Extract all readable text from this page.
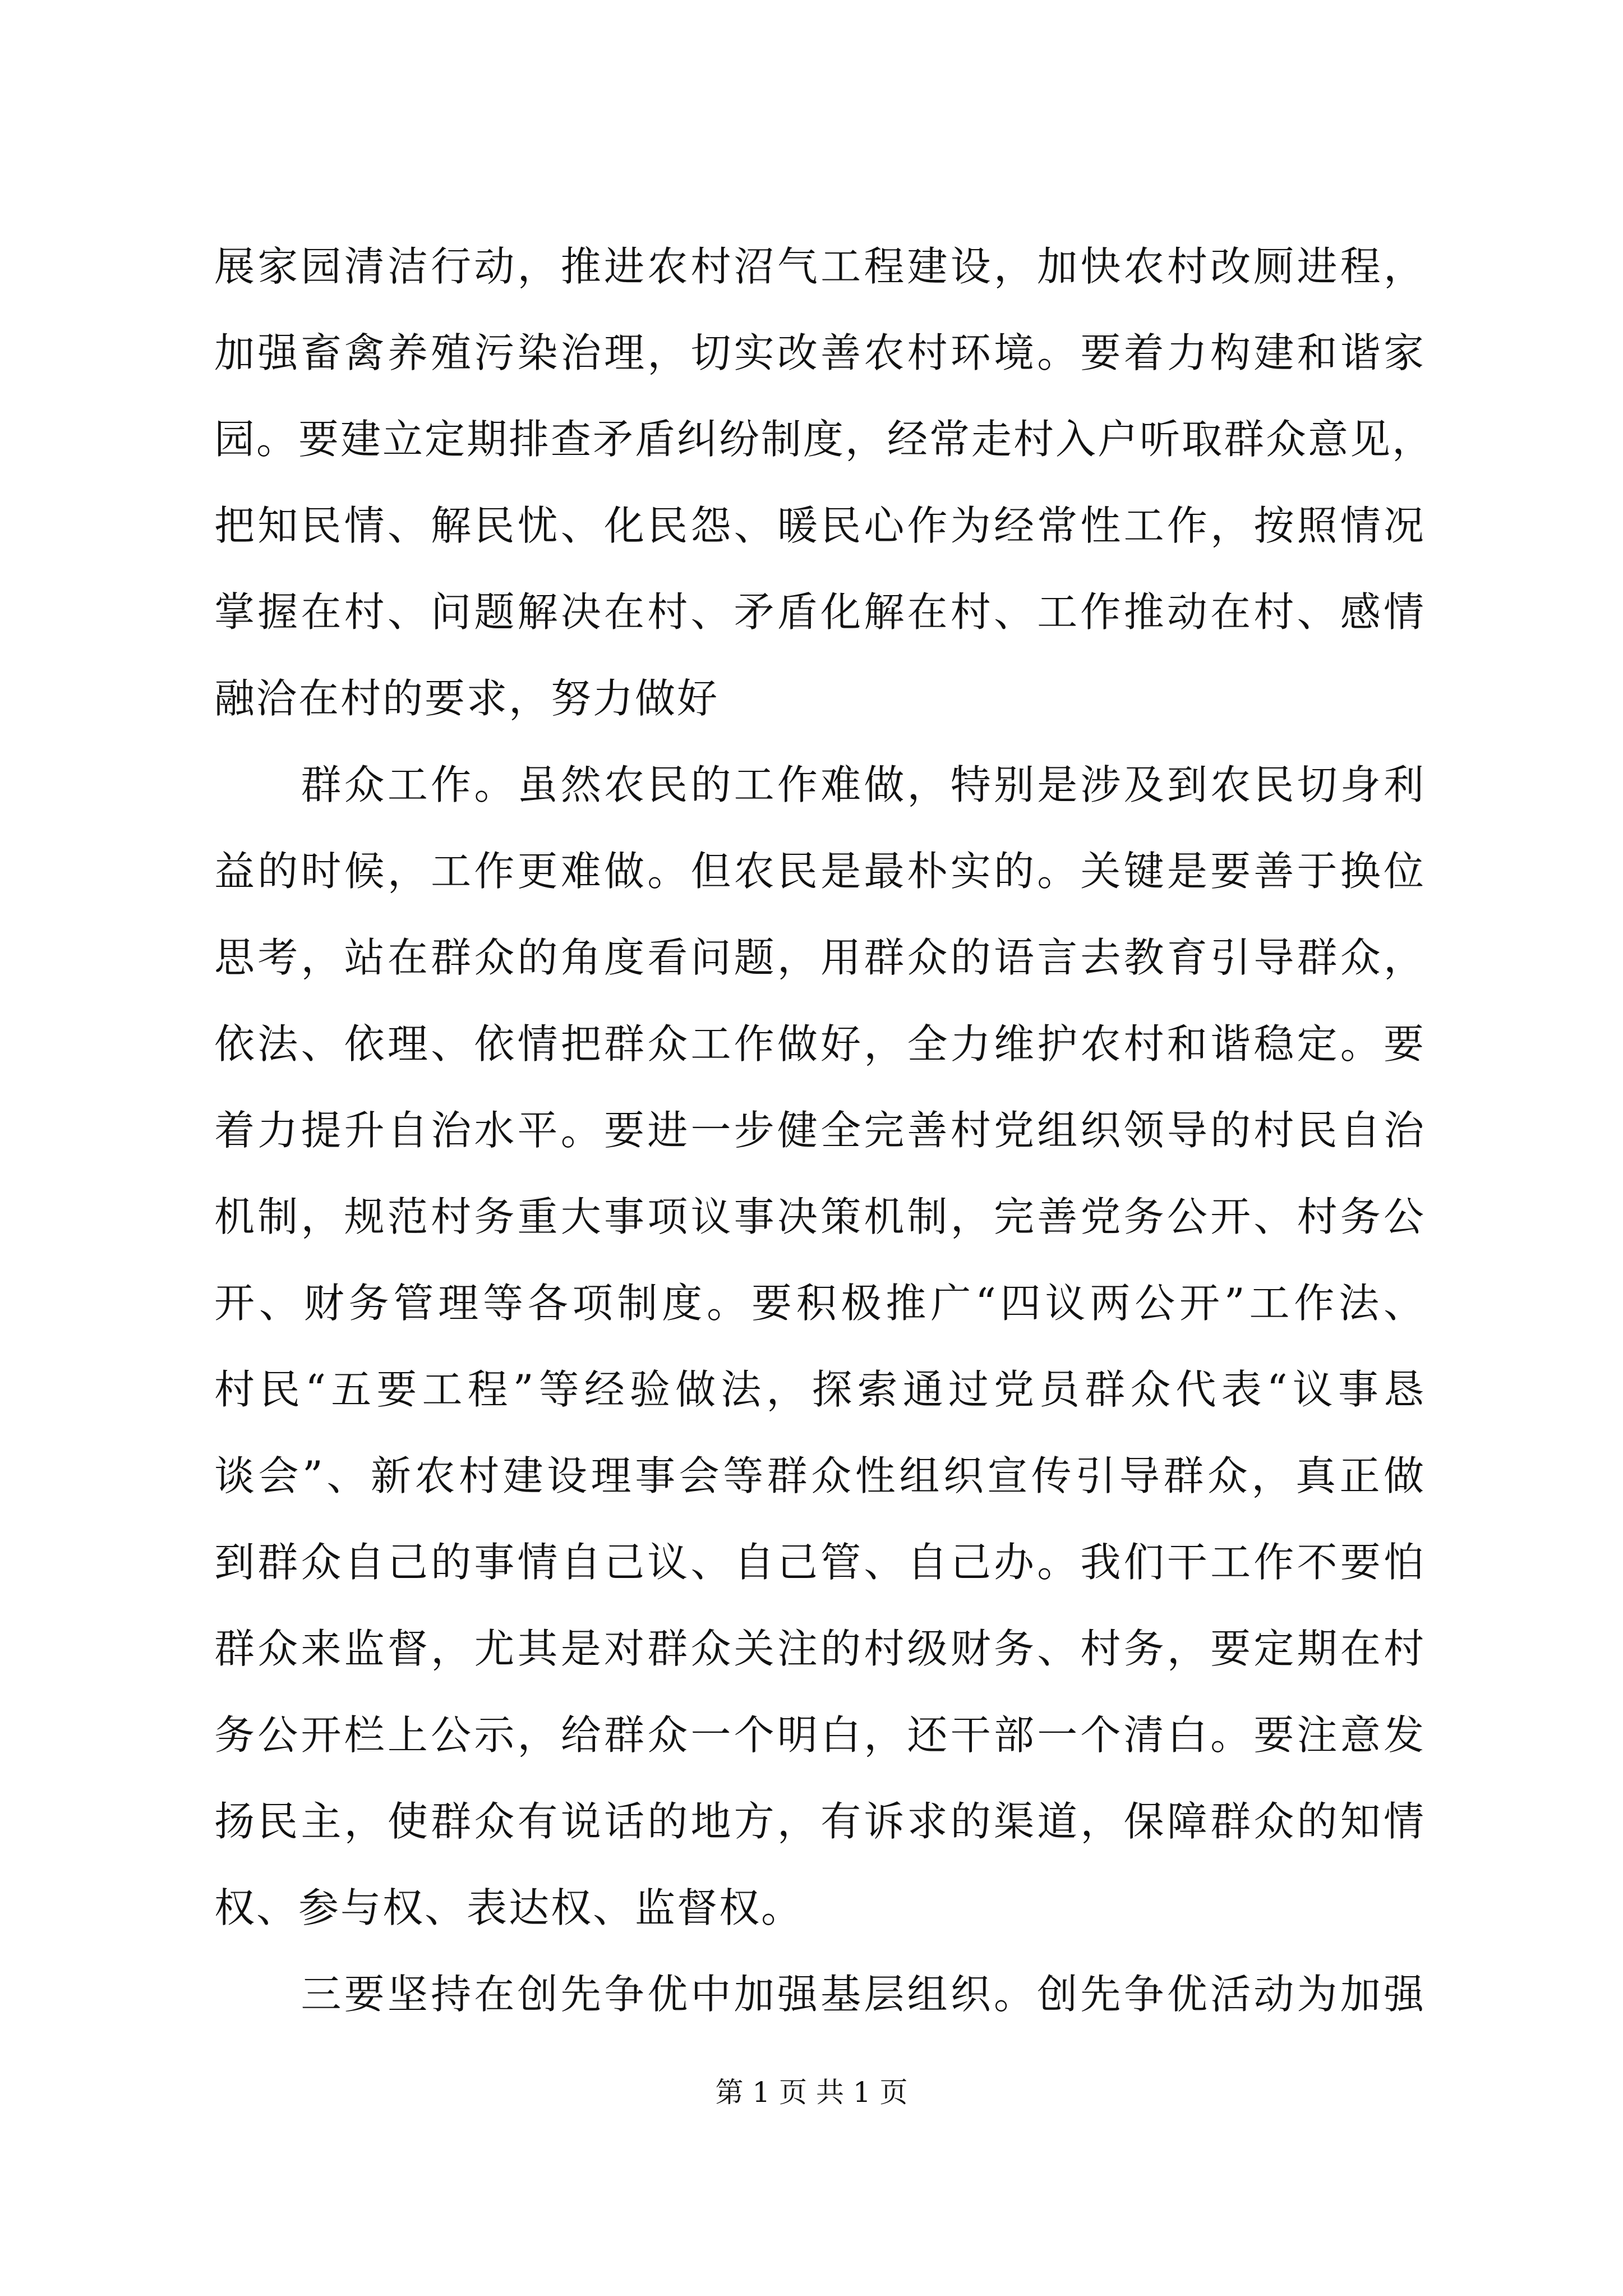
展家园清洁行动，推进农村沼气工程建设，加快农村改厕进程，
加强畜禽养殖污染治理，切实改善农村环境。要着力构建和谐家
园。要建立定期排查矛盾纠纷制度，经常走村入户听取群众意见，
把知民情、解民忧、化民怨、暖民心作为经常性工作，按照情况
掌握在村、问题解决在村、矛盾化解在村、工作推动在村、感情
融洽在村的要求，努力做好
　　群众工作。虽然农民的工作难做，特别是涉及到农民切身利
益的时候，工作更难做。但农民是最朴实的。关键是要善于换位
思考，站在群众的角度看问题，用群众的语言去教育引导群众，
依法、依理、依情把群众工作做好，全力维护农村和谐稳定。要
着力提升自治水平。要进一步健全完善村党组织领导的村民自治
机制，规范村务重大事项议事决策机制，完善党务公开、村务公
开、财务管理等各项制度。要积极推广“四议两公开”工作法、
村民“五要工程”等经验做法，探索通过党员群众代表“议事恳
谈会”、新农村建设理事会等群众性组织宣传引导群众，真正做
到群众自己的事情自己议、自己管、自己办。我们干工作不要怕
群众来监督，尤其是对群众关注的村级财务、村务，要定期在村
务公开栏上公示，给群众一个明白，还干部一个清白。要注意发
扬民主，使群众有说话的地方，有诉求的渠道，保障群众的知情
权、参与权、表达权、监督权。
　　三要坚持在创先争优中加强基层组织。创先争优活动为加强
第 1 页 共 1 页
